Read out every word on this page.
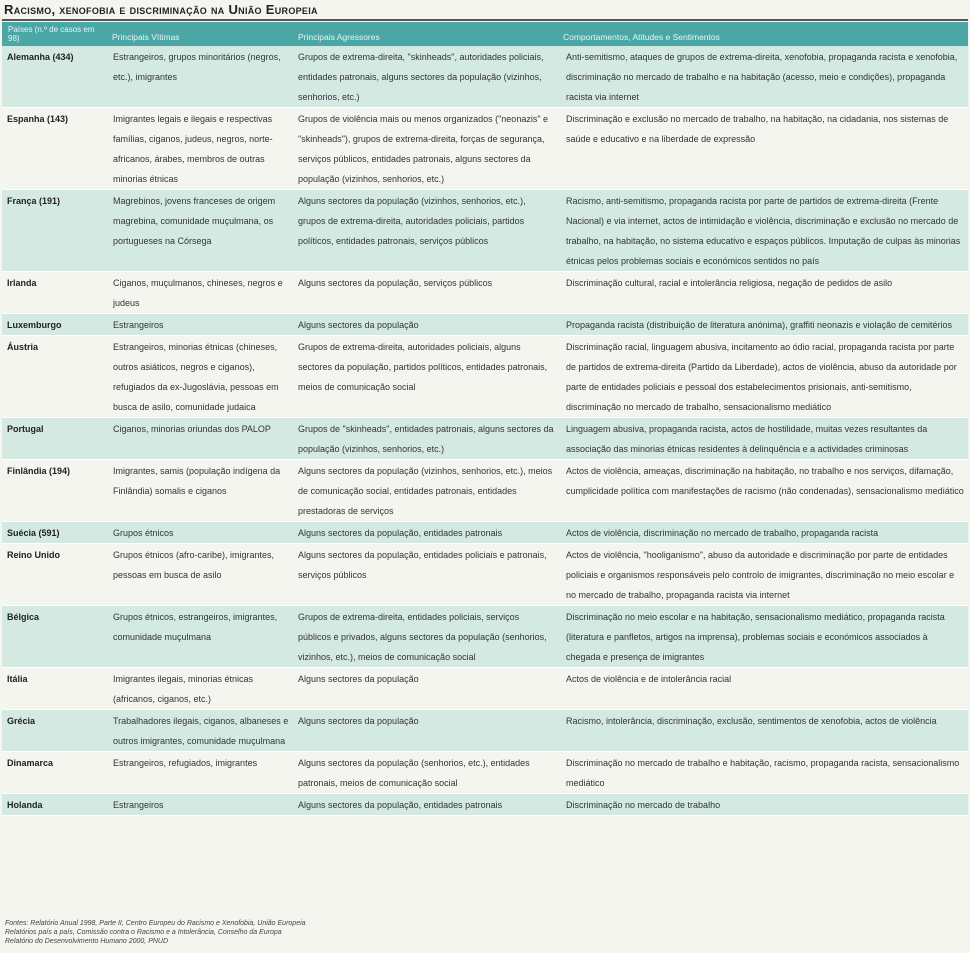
Racismo, xenofobia e discriminação na União Europeia
Países (n.º de casos em 98)	Principais Vítimas	Principais Agressores	Comportamentos, Atitudes e Sentimentos
Alemanha (434)	Estrangeiros, grupos minoritários (negros, etc.), imigrantes	Grupos de extrema-direita, "skinheads", autoridades policiais, entidades patronais, alguns sectores da população (vizinhos, senhorios, etc.)	Anti-semitismo, ataques de grupos de extrema-direita, xenofobia, propaganda racista e xenofobia, discriminação no mercado de trabalho e na habitação (acesso, meio e condições), propaganda racista via internet
Espanha (143)	Imigrantes legais e ilegais e respectivas famílias, ciganos, judeus, negros, norte-africanos, árabes, membros de outras minorias étnicas	Grupos de violência mais ou menos organizados ("neonazis" e "skinheads"), grupos de extrema-direita, forças de segurança, serviços públicos, entidades patronais, alguns sectores da população (vizinhos, senhorios, etc.)	Discriminação e exclusão no mercado de trabalho, na habitação, na cidadania, nos sistemas de saúde e educativo e na liberdade de expressão
França (191)	Magrebinos, jovens franceses de origem magrebina, comunidade muçulmana, os portugueses na Córsega	Alguns sectores da população (vizinhos, senhorios, etc.), grupos de extrema-direita, autoridades policiais, partidos políticos, entidades patronais, serviços públicos	Racismo, anti-semitismo, propaganda racista por parte de partidos de extrema-direita (Frente Nacional) e via internet, actos de intimidação e violência, discriminação e exclusão no mercado de trabalho, na habitação, no sistema educativo e espaços públicos. Imputação de culpas às minorias étnicas pelos problemas sociais e económicos sentidos no país
Irlanda	Ciganos, muçulmanos, chineses, negros e judeus	Alguns sectores da população, serviços públicos	Discriminação cultural, racial e intolerância religiosa, negação de pedidos de asilo
Luxemburgo	Estrangeiros	Alguns sectores da população	Propaganda racista (distribuição de literatura anónima), graffiti neonazis e violação de cemitérios
Áustria	Estrangeiros, minorias étnicas (chineses, outros asiáticos, negros e ciganos), refugiados da ex-Jugoslávia, pessoas em busca de asilo, comunidade judaica	Grupos de extrema-direita, autoridades policiais, alguns sectores da população, partidos políticos, entidades patronais, meios de comunicação social	Discriminação racial, linguagem abusiva, incitamento ao ódio racial, propaganda racista por parte de partidos de extrema-direita (Partido da Liberdade), actos de violência, abuso da autoridade por parte de entidades policiais e pessoal dos estabelecimentos prisionais, anti-semitismo, discriminação no mercado de trabalho, sensacionalismo mediático
Portugal	Ciganos, minorias oriundas dos PALOP	Grupos de "skinheads", entidades patronais, alguns sectores da população (vizinhos, senhorios, etc.)	Linguagem abusiva, propaganda racista, actos de hostilidade, muitas vezes resultantes da associação das minorias étnicas residentes à delinquência e a actividades criminosas
Finlândia (194)	Imigrantes, samis (população indígena da Finlândia) somalis e ciganos	Alguns sectores da população (vizinhos, senhorios, etc.), meios de comunicação social, entidades patronais, entidades prestadoras de serviços	Actos de violência, ameaças, discriminação na habitação, no trabalho e nos serviços, difamação, cumplicidade política com manifestações de racismo (não condenadas), sensacionalismo mediático
Suécia (591)	Grupos étnicos	Alguns sectores da população, entidades patronais	Actos de violência, discriminação no mercado de trabalho, propaganda racista
Reino Unido	Grupos étnicos (afro-caribe), imigrantes, pessoas em busca de asilo	Alguns sectores da população, entidades policiais e patronais, serviços públicos	Actos de violência, "hooliganismo", abuso da autoridade e discriminação por parte de entidades policiais e organismos responsáveis pelo controlo de imigrantes, discriminação no meio escolar e no mercado de trabalho, propaganda racista via internet
Bélgica	Grupos étnicos, estrangeiros, imigrantes, comunidade muçulmana	Grupos de extrema-direita, entidades policiais, serviços públicos e privados, alguns sectores da população (senhorios, vizinhos, etc.), meios de comunicação social	Discriminação no meio escolar e na habitação, sensacionalismo mediático, propaganda racista (literatura e panfletos, artigos na imprensa), problemas sociais e económicos associados à chegada e presença de imigrantes
Itália	Imigrantes ilegais, minorias étnicas (africanos, ciganos, etc.)	Alguns sectores da população	Actos de violência e de intolerância racial
Grécia	Trabalhadores ilegais, ciganos, albaneses e outros imigrantes, comunidade muçulmana	Alguns sectores da população	Racismo, intolerância, discriminação, exclusão, sentimentos de xenofobia, actos de violência
Dinamarca	Estrangeiros, refugiados, imigrantes	Alguns sectores da população (senhorios, etc.), entidades patronais, meios de comunicação social	Discriminação no mercado de trabalho e habitação, racismo, propaganda racista, sensacionalismo mediático
Holanda	Estrangeiros	Alguns sectores da população, entidades patronais	Discriminação no mercado de trabalho
Fontes: Relatório Anual 1998, Parte II, Centro Europeu do Racismo e Xenofobia, União Europeia
Relatórios país a país, Comissão contra o Racismo e a Intolerância, Conselho da Europa
Relatório do Desenvolvimento Humano 2000, PNUD
